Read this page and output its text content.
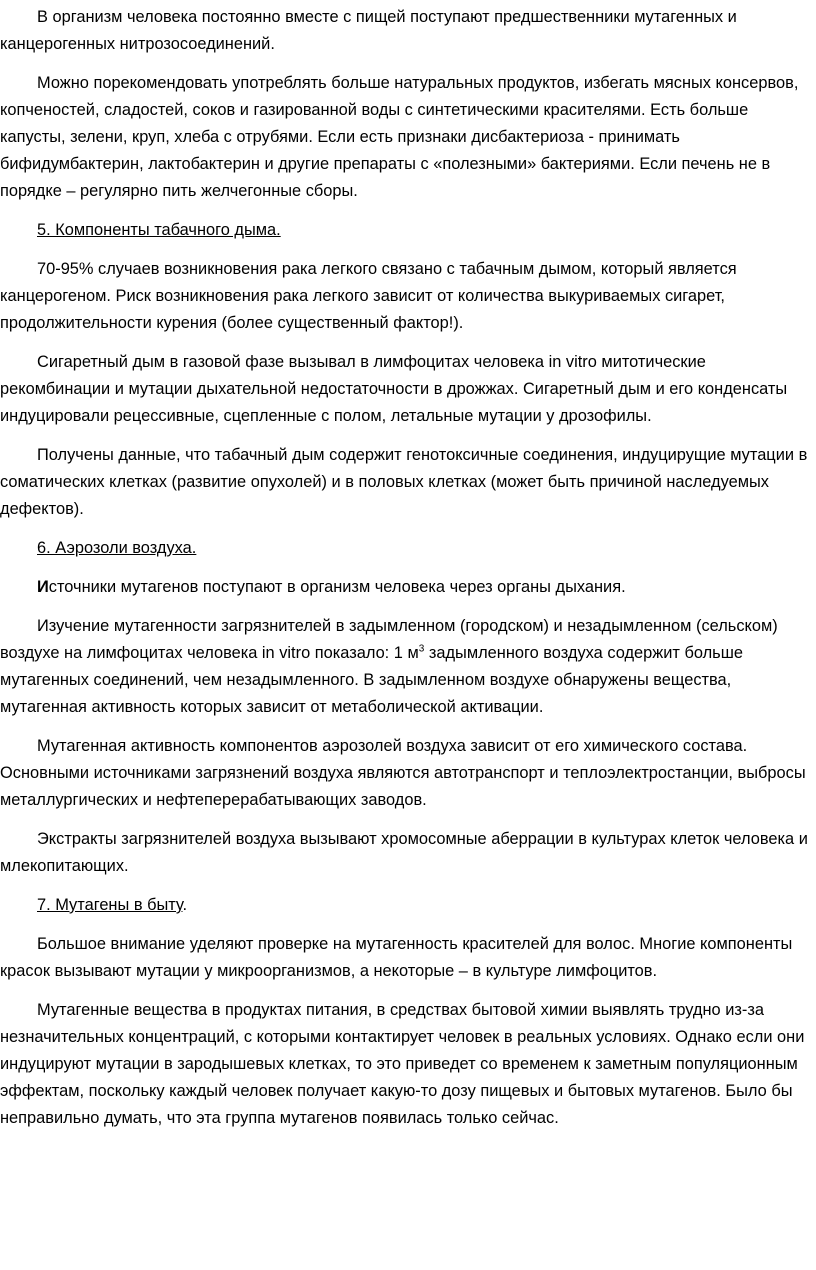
В организм человека постоянно вместе с пищей поступают предшественники мутагенных и канцерогенных нитрозосоединений.

Можно порекомендовать употреблять больше натуральных продуктов, избегать мясных консервов, копченостей, сладостей, соков и газированной воды с синтетическими красителями. Есть больше капусты, зелени, круп, хлеба с отрубями. Если есть признаки дисбактериоза - принимать бифидумбактерин, лактобактерин и другие препараты с «полезными» бактериями. Если печень не в порядке – регулярно пить желчегонные сборы.

5. Компоненты табачного дыма.

70-95% случаев возникновения рака легкого связано с табачным дымом, который является канцерогеном. Риск возникновения рака легкого зависит от количества выкуриваемых сигарет, продолжительности курения (более существенный фактор!).

Сигаретный дым в газовой фазе вызывал в лимфоцитах человека in vitro митотические рекомбинации и мутации дыхательной недостаточности в дрожжах. Сигаретный дым и его конденсаты индуцировали рецессивные, сцепленные с полом, летальные мутации у дрозофилы.

Получены данные, что табачный дым содержит генотоксичные соединения, индуцирущие мутации в соматических клетках (развитие опухолей) и в половых клетках (может быть причиной наследуемых дефектов).

6. Аэрозоли воздуха.

Источники мутагенов поступают в организм человека через органы дыхания.

Изучение мутагенности загрязнителей в задымленном (городском) и незадымленном (сельском) воздухе на лимфоцитах человека in vitro показало: 1 $м^3$ задымленного воздуха содержит больше мутагенных соединений, чем незадымленного. В задымленном воздухе обнаружены вещества, мутагенная активность которых зависит от метаболической активации.

Мутагенная активность компонентов аэрозолей воздуха зависит от его химического состава. Основными источниками загрязнений воздуха являются автотранспорт и теплоэлектростанции, выбросы металлургических и нефтеперерабатывающих заводов.

Экстракты загрязнителей воздуха вызывают хромосомные аберрации в культурах клеток человека и млекопитающих.

7. Мутагены в быту.

Большое внимание уделяют проверке на мутагенность красителей для волос. Многие компоненты красок вызывают мутации у микроорганизмов, а некоторые – в культуре лимфоцитов.

Мутагенные вещества в продуктах питания, в средствах бытовой химии выявлять трудно из-за незначительных концентраций, с которыми контактирует человек в реальных условиях. Однако если они индуцируют мутации в зародышевых клетках, то это приведет со временем к заметным популяционным эффектам, поскольку каждый человек получает какую-то дозу пищевых и бытовых мутагенов. Было бы неправильно думать, что эта группа мутагенов появилась только сейчас.
